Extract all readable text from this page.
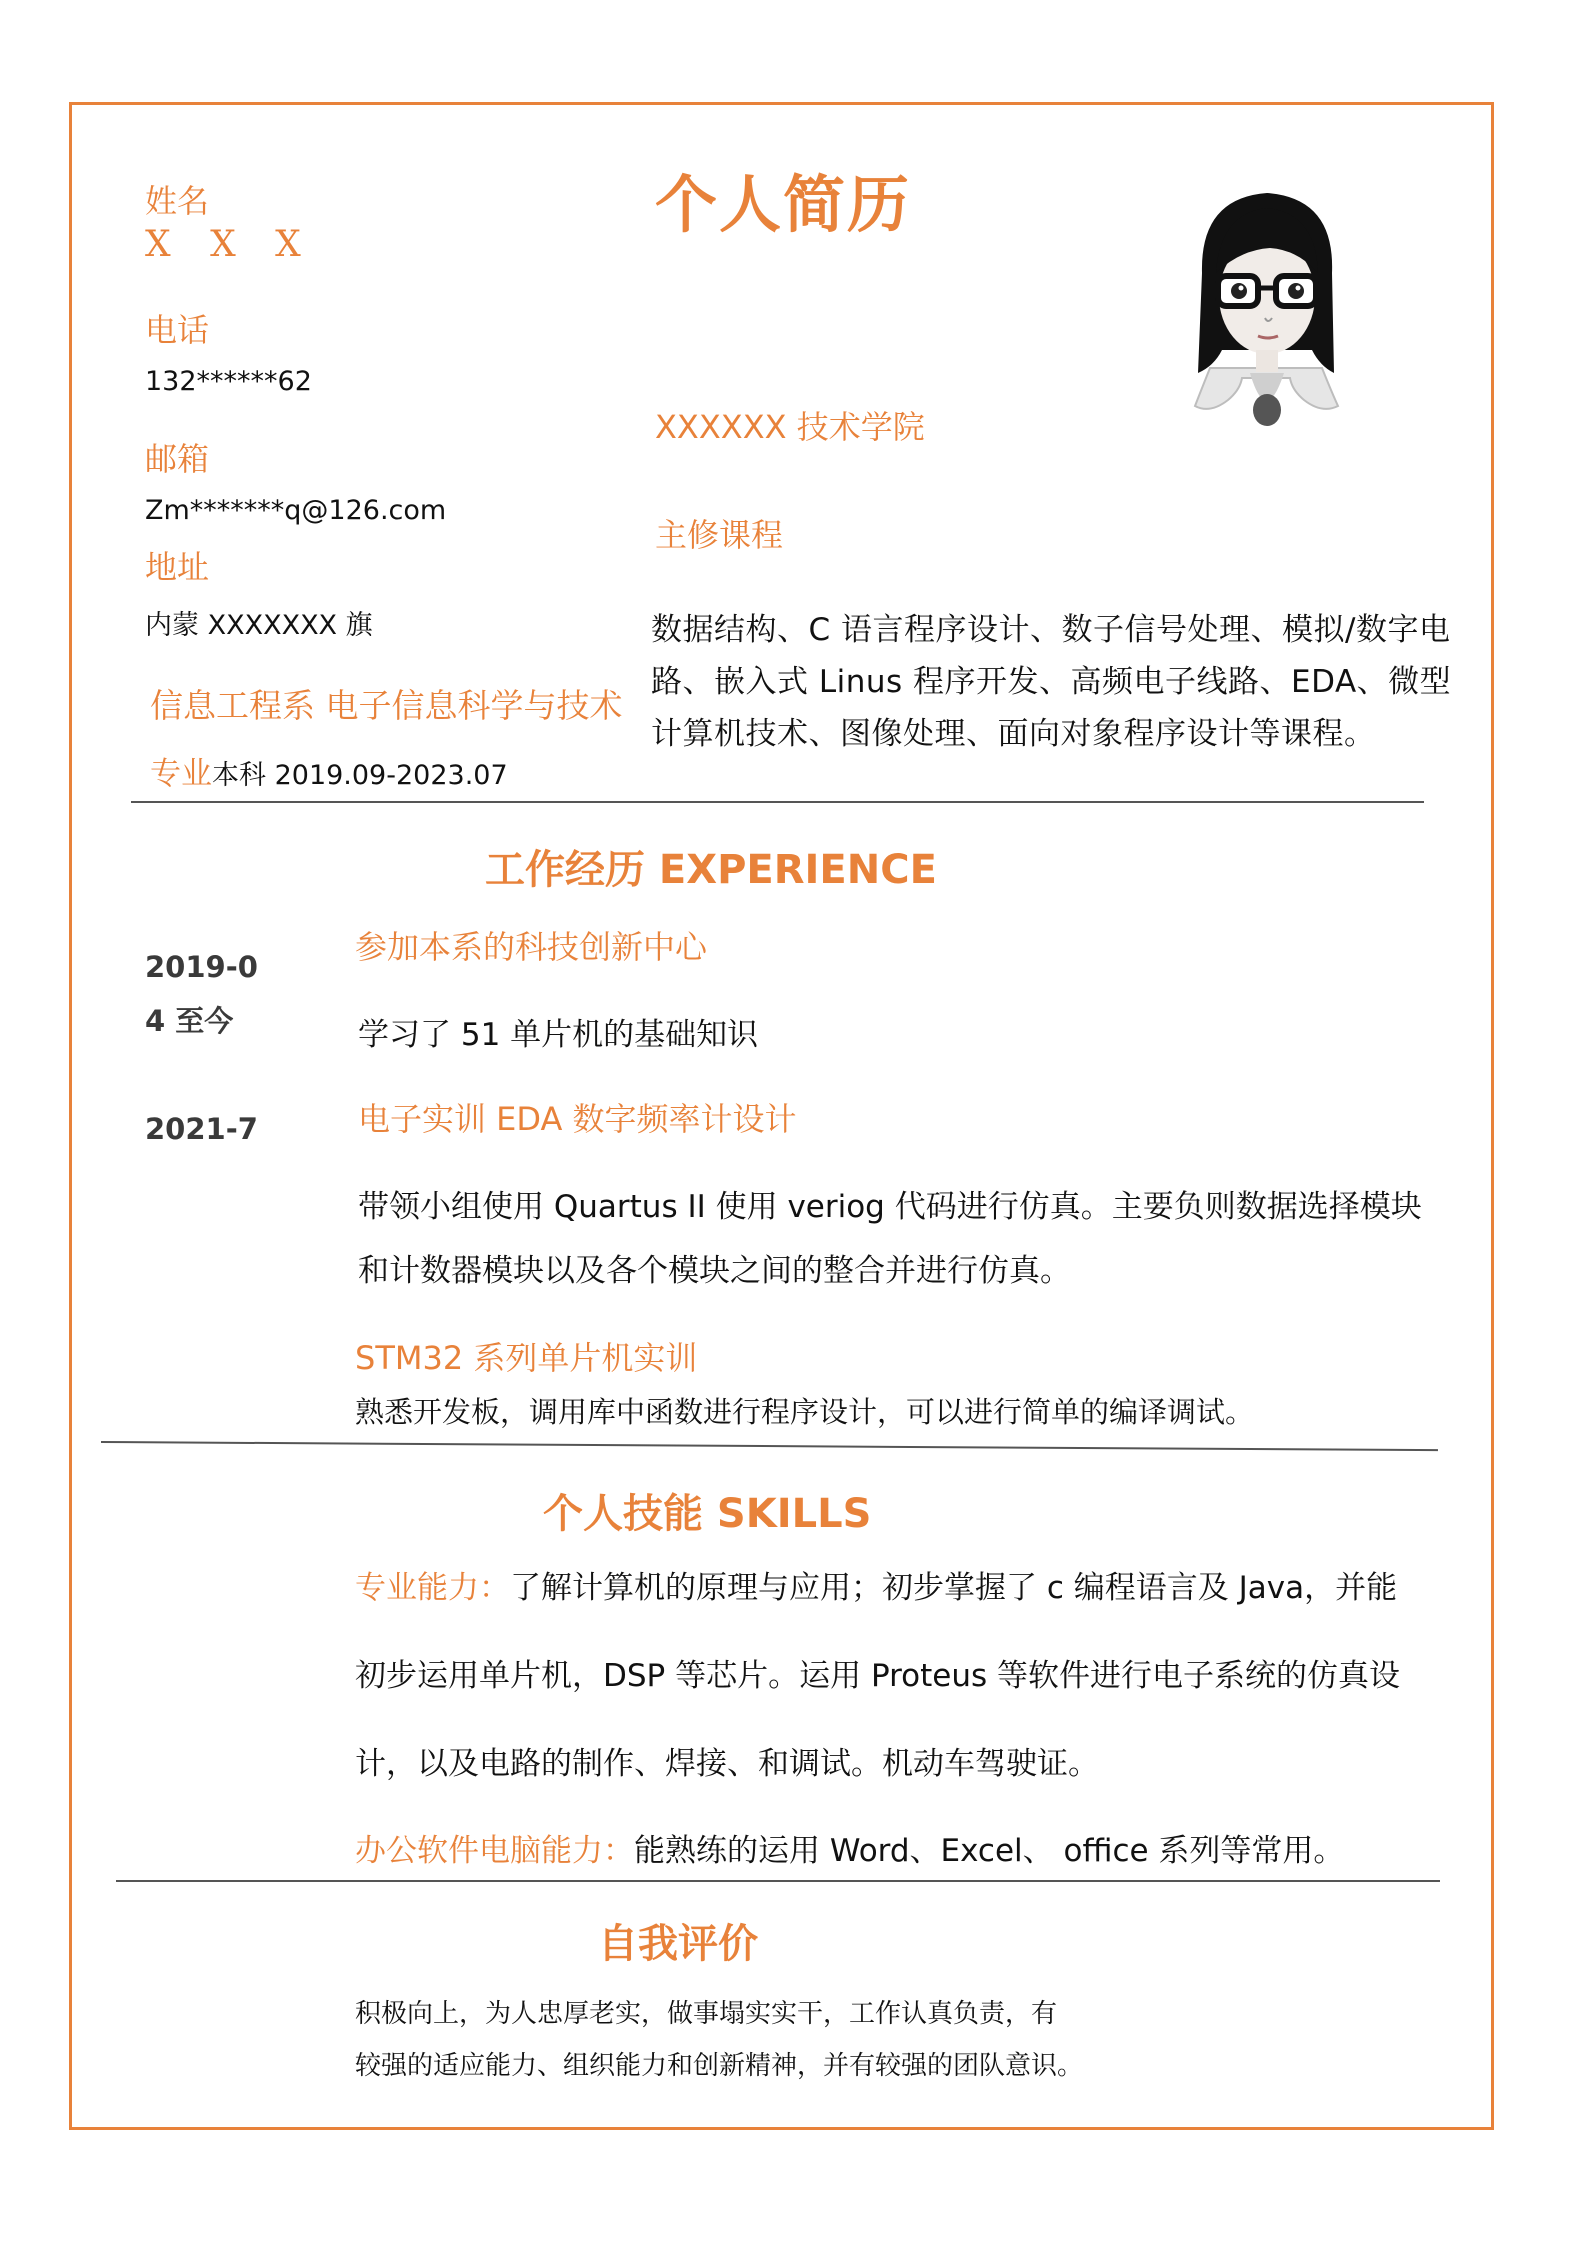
姓名
X X X
电话
132******62
邮箱
Zm*******q@126.com
地址
内蒙 XXXXXXX 旗
信息工程系 电子信息科学与技术
专业本科 2019.09-2023.07
个人简历
XXXXXX 技术学院
主修课程
数据结构、C 语言程序设计、数子信号处理、模拟/数字电路、嵌入式 Linus 程序开发、高频电子线路、EDA、微型计算机技术、图像处理、面向对象程序设计等课程。
工作经历 EXPERIENCE
2019-0
4 至今
参加本系的科技创新中心
学习了 51 单片机的基础知识
2021-7	电子实训 EDA 数字频率计设计
带领小组使用 Quartus II 使用 veriog 代码进行仿真。主要负则数据选择模块
和计数器模块以及各个模块之间的整合并进行仿真。
STM32 系列单片机实训
熟悉开发板，调用库中函数进行程序设计，可以进行简单的编译调试。
个人技能 SKILLS
专业能力：了解计算机的原理与应用；初步掌握了 c 编程语言及 Java，并能
初步运用单片机，DSP 等芯片。运用 Proteus 等软件进行电子系统的仿真设
计，以及电路的制作、焊接、和调试。机动车驾驶证。
办公软件电脑能力：能熟练的运用 Word、Excel、 office 系列等常用。
自我评价
积极向上，为人忠厚老实，做事塌实实干，工作认真负责，有
较强的适应能力、组织能力和创新精神，并有较强的团队意识。
